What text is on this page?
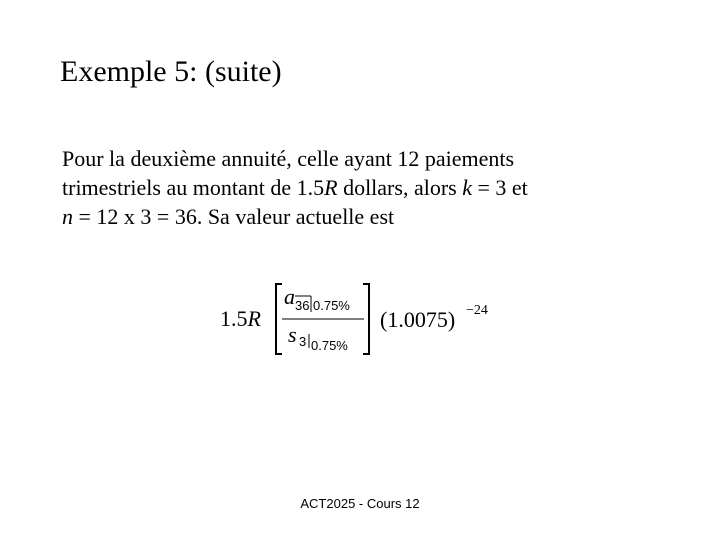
Exemple 5: (suite)
Pour la deuxième annuité, celle ayant 12 paiements
trimestriels au montant de 1.5R dollars, alors k = 3 et
n = 12 x 3 = 36. Sa valeur actuelle est
1.5R
a 36 0.75%
s 3 0.75%
(1.0075) −24
ACT2025 - Cours 12
